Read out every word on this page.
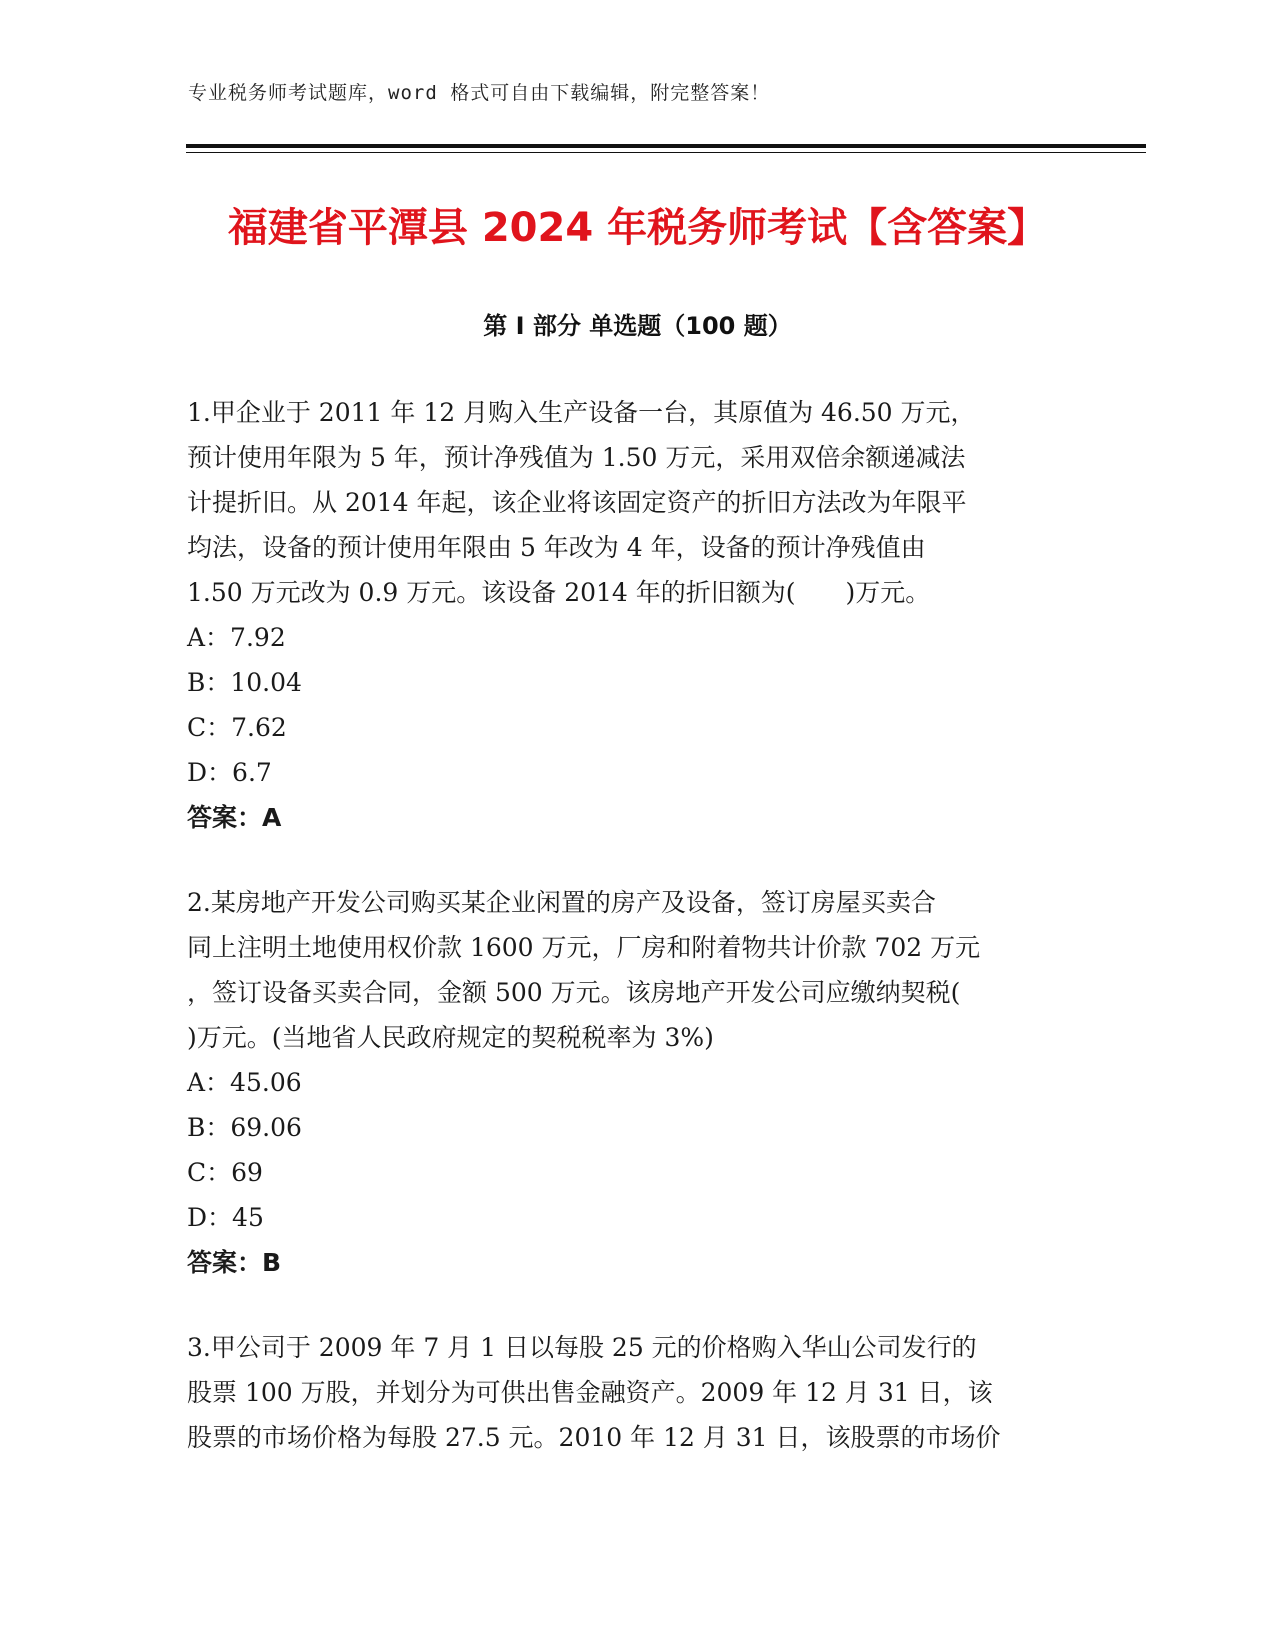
专业税务师考试题库，word 格式可自由下载编辑，附完整答案！
福建省平潭县 2024 年税务师考试【含答案】
第 I 部分 单选题（100 题）

1.甲企业于 2011 年 12 月购入生产设备一台，其原值为 46.50 万元，

预计使用年限为 5 年，预计净残值为 1.50 万元，采用双倍余额递减法

计提折旧。从 2014 年起，该企业将该固定资产的折旧方法改为年限平

均法，设备的预计使用年限由 5 年改为 4 年，设备的预计净残值由

1.50 万元改为 0.9 万元。该设备 2014 年的折旧额为(　　)万元。

A：7.92

B：10.04

C：7.62

D：6.7

答案：A

2.某房地产开发公司购买某企业闲置的房产及设备，签订房屋买卖合

同上注明土地使用权价款 1600 万元，厂房和附着物共计价款 702 万元

，签订设备买卖合同，金额 500 万元。该房地产开发公司应缴纳契税(

)万元。(当地省人民政府规定的契税税率为 3%)

A：45.06

B：69.06

C：69

D：45

答案：B

3.甲公司于 2009 年 7 月 1 日以每股 25 元的价格购入华山公司发行的

股票 100 万股，并划分为可供出售金融资产。2009 年 12 月 31 日，该

股票的市场价格为每股 27.5 元。2010 年 12 月 31 日，该股票的市场价
